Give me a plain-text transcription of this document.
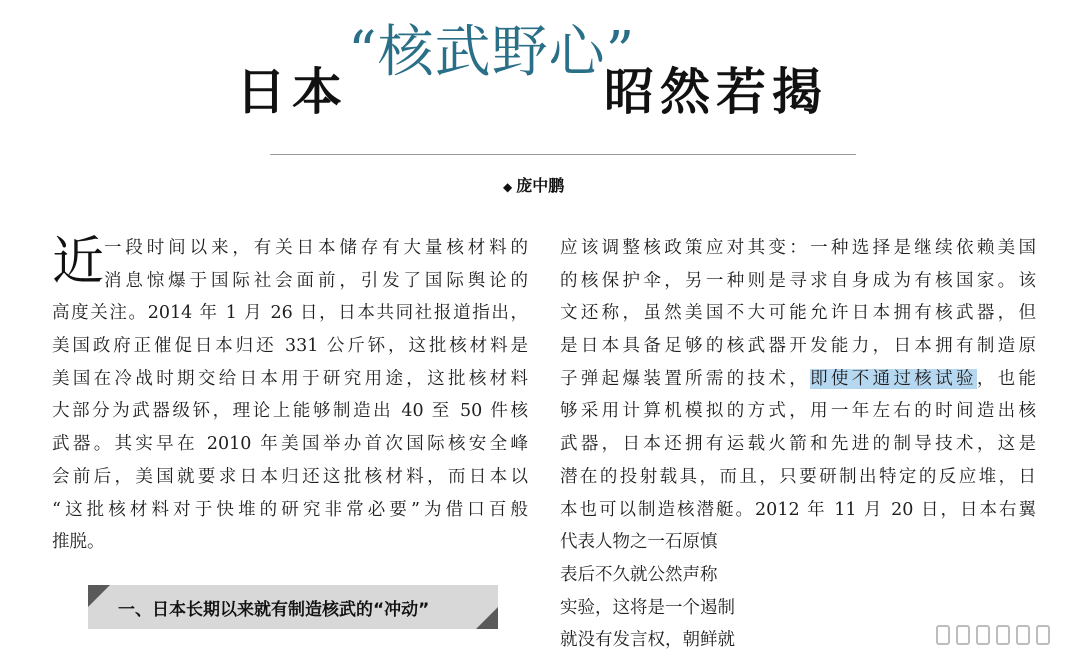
日本
“核武野心”
昭然若揭
◆ 庞中鹏
近 一段时间以来，有关日本储存有大量核材料的
消息惊爆于国际社会面前，引发了国际舆论的
高度关注。2014 年 1 月 26 日，日本共同社报道指出，
美国政府正催促日本归还 331 公斤钚，这批核材料是
美国在冷战时期交给日本用于研究用途，这批核材料
大部分为武器级钚，理论上能够制造出 40 至 50 件核
武器。其实早在 2010 年美国举办首次国际核安全峰
会前后，美国就要求日本归还这批核材料，而日本以
“这批核材料对于快堆的研究非常必要”为借口百般
推脱。
一、日本长期以来就有制造核武的“冲动”
应该调整核政策应对其变：一种选择是继续依赖美国
的核保护伞，另一种则是寻求自身成为有核国家。该
文还称，虽然美国不大可能允许日本拥有核武器，但
是日本具备足够的核武器开发能力，日本拥有制造原
子弹起爆装置所需的技术，即使不通过核试验，也能
够采用计算机模拟的方式，用一年左右的时间造出核
武器，日本还拥有运载火箭和先进的制导技术，这是
潜在的投射载具，而且，只要研制出特定的反应堆，日
本也可以制造核潜艇。2012 年 11 月 20 日，日本右翼
代表人物之一石原慎
表后不久就公然声称
实验，这将是一个遏制
就没有发言权，朝鲜就
